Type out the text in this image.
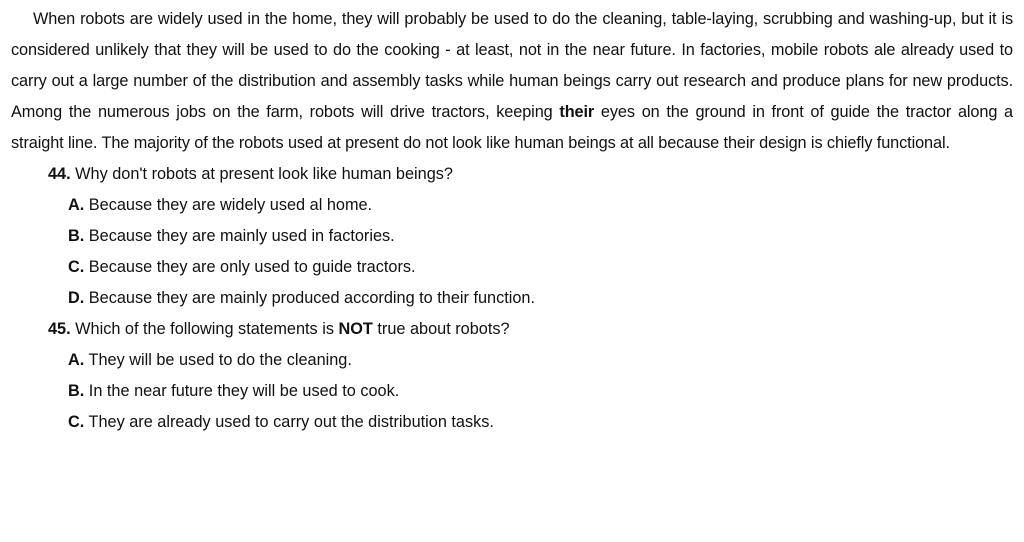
When robots are widely used in the home, they will probably be used to do the cleaning, table-laying, scrubbing and washing-up, but it is considered unlikely that they will be used to do the cooking - at least, not in the near future. In factories, mobile robots ale already used to carry out a large number of the distribution and assembly tasks while human beings carry out research and produce plans for new products. Among the numerous jobs on the farm, robots will drive tractors, keeping their eyes on the ground in front of guide the tractor along a straight line. The majority of the robots used at present do not look like human beings at all because their design is chiefly functional.

44. Why don't robots at present look like human beings?

A. Because they are widely used al home.

B. Because they are mainly used in factories.

C. Because they are only used to guide tractors.

D. Because they are mainly produced according to their function.

45. Which of the following statements is NOT true about robots?

A. They will be used to do the cleaning.

B. In the near future they will be used to cook.

C. They are already used to carry out the distribution tasks.
